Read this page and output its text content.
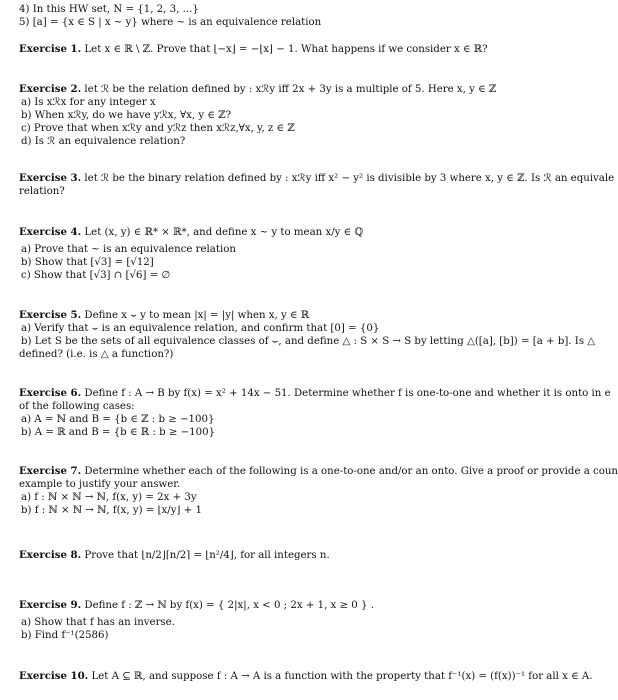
4) In this HW set, N = {1, 2, 3, ...}
5) [a] = {x ∈ S | x ~ y} where ~ is an equivalence relation
Exercise 1. Let x ∈ ℝ \ ℤ. Prove that ⌊−x⌋ = −⌊x⌋ − 1. What happens if we consider x ∈ ℝ?
Exercise 2. let ℛ be the relation defined by : xℛy iff 2x + 3y is a multiple of 5. Here x, y ∈ ℤ
a) Is xℛx for any integer x
b) When xℛy, do we have yℛx, ∀x, y ∈ ℤ?
c) Prove that when xℛy and yℛz then xℛz,∀x, y, z ∈ ℤ
d) Is ℛ an equivalence relation?
Exercise 3. let ℛ be the binary relation defined by : xℛy iff x² − y² is divisible by 3 where x, y ∈ ℤ. Is ℛ an equivale
relation?
Exercise 4. Let (x, y) ∈ ℝ* × ℝ*, and define x ~ y to mean x/y ∈ ℚ
a) Prove that ~ is an equivalence relation
b) Show that [√3] = [√12]
c) Show that [√3] ∩ [√6] = ∅
Exercise 5. Define x ⌣ y to mean |x| = |y| when x, y ∈ ℝ
a) Verify that ⌣ is an equivalence relation, and confirm that [0] = {0}
b) Let S be the sets of all equivalence classes of ⌣, and define △ : S × S → S by letting △([a], [b]) = [a + b]. Is △
defined? (i.e. is △ a function?)
Exercise 6. Define f : A → B by f(x) = x² + 14x − 51. Determine whether f is one-to-one and whether it is onto in e
of the following cases:
a) A = ℕ and B = {b ∈ ℤ : b ≥ −100}
b) A = ℝ and B = {b ∈ ℝ : b ≥ −100}
Exercise 7. Determine whether each of the following is a one-to-one and/or an onto. Give a proof or provide a coun
example to justify your answer.
a) f : ℕ × ℕ → ℕ, f(x, y) = 2x + 3y
b) f : ℕ × ℕ → ℕ, f(x, y) = ⌊x/y⌋ + 1
Exercise 8. Prove that ⌊n/2⌋⌈n/2⌉ = ⌊n²/4⌋, for all integers n.
Exercise 9. Define f : ℤ → ℕ by f(x) = { 2|x|, x < 0 ; 2x + 1, x ≥ 0 } .
a) Show that f has an inverse.
b) Find f⁻¹(2586)
Exercise 10. Let A ⊆ ℝ, and suppose f : A → A is a function with the property that f⁻¹(x) = (f(x))⁻¹ for all x ∈ A.
